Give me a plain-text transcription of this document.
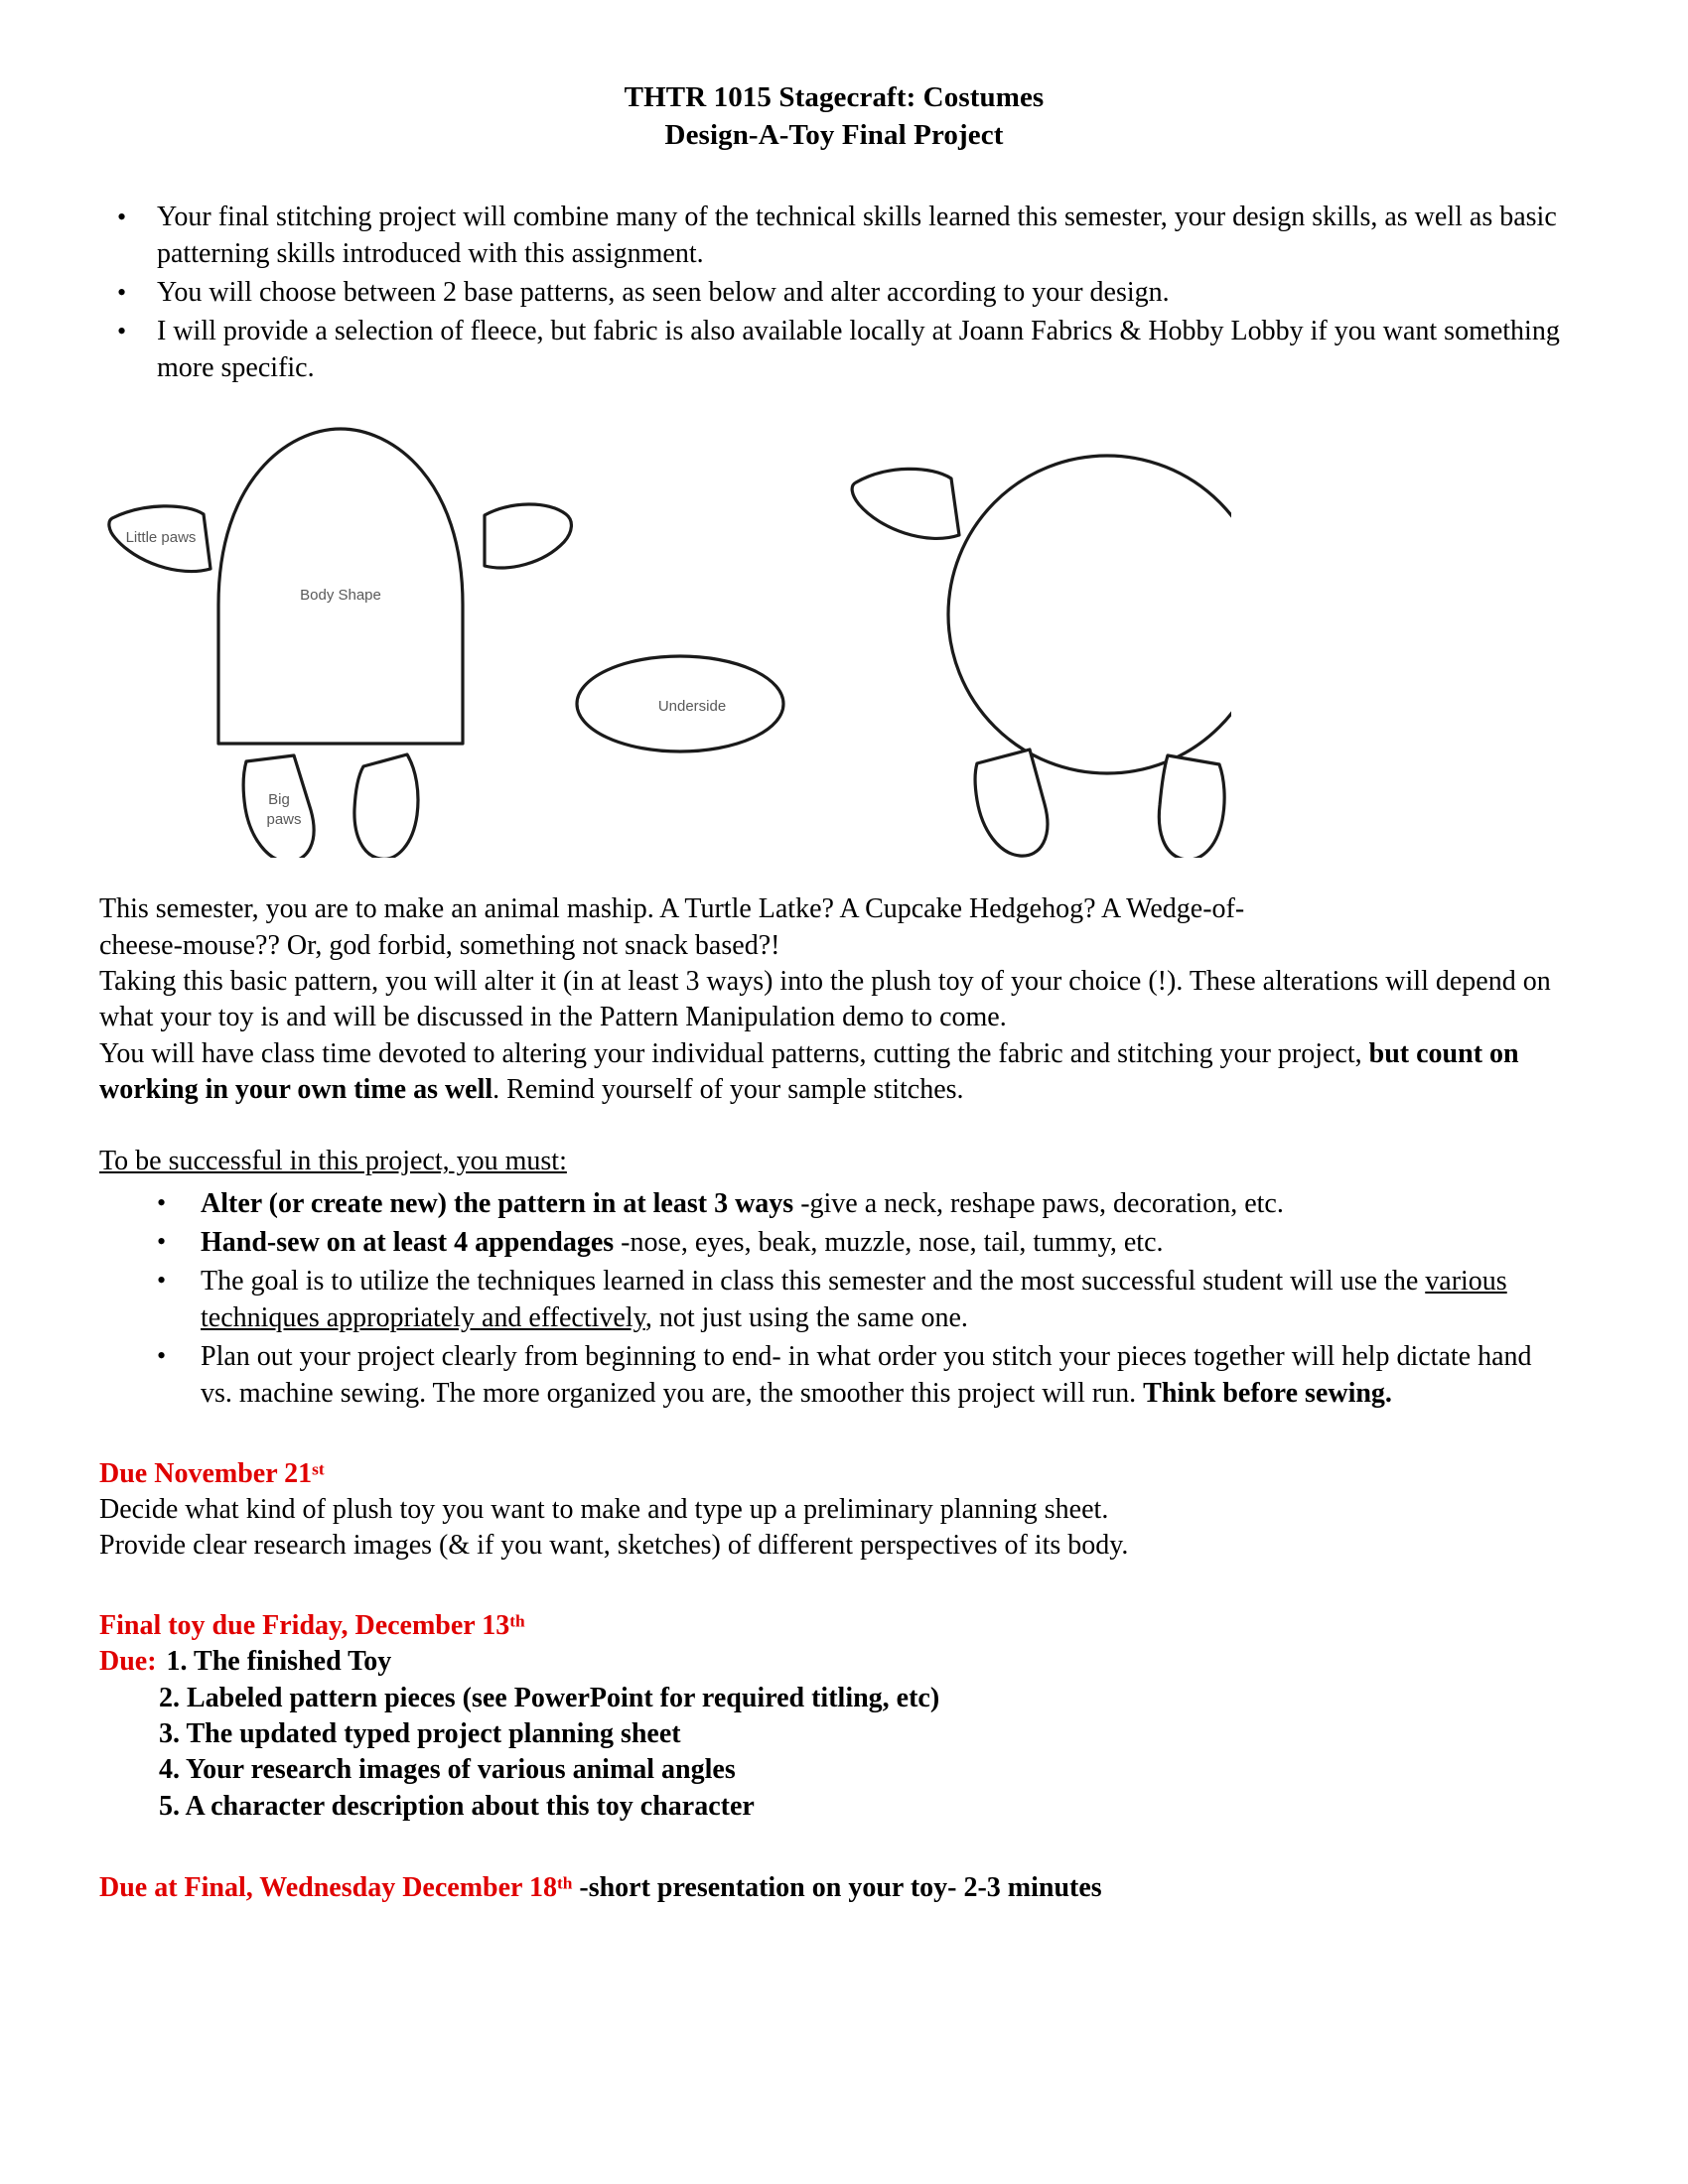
THTR 1015 Stagecraft: Costumes
Design-A-Toy Final Project
• Your final stitching project will combine many of the technical skills learned this semester, your design skills, as well as basic patterning skills introduced with this assignment.
• You will choose between 2 base patterns, as seen below and alter according to your design.
• I will provide a selection of fleece, but fabric is also available locally at Joann Fabrics & Hobby Lobby if you want something more specific.
Little paws
Body Shape
Underside
Big
paws

This semester, you are to make an animal maship. A Turtle Latke? A Cupcake Hedgehog? A Wedge-of-
cheese-mouse?? Or, god forbid, something not snack based?!

Taking this basic pattern, you will alter it (in at least 3 ways) into the plush toy of your choice (!). These alterations will depend on what your toy is and will be discussed in the Pattern Manipulation demo to come.

You will have class time devoted to altering your individual patterns, cutting the fabric and stitching your project, but count on working in your own time as well. Remind yourself of your sample stitches.

To be successful in this project, you must:
• Alter (or create new) the pattern in at least 3 ways -give a neck, reshape paws, decoration, etc.
• Hand-sew on at least 4 appendages -nose, eyes, beak, muzzle, nose, tail, tummy, etc.
• The goal is to utilize the techniques learned in class this semester and the most successful student will use the various techniques appropriately and effectively, not just using the same one.
• Plan out your project clearly from beginning to end- in what order you stitch your pieces together will help dictate hand vs. machine sewing. The more organized you are, the smoother this project will run. Think before sewing.
Due November 21st
Decide what kind of plush toy you want to make and type up a preliminary planning sheet.
Provide clear research images (& if you want, sketches) of different perspectives of its body.
Final toy due Friday, December 13th
Due: 1. The finished Toy
2. Labeled pattern pieces (see PowerPoint for required titling, etc)
3. The updated typed project planning sheet
4. Your research images of various animal angles
5. A character description about this toy character
Due at Final, Wednesday December 18th -short presentation on your toy- 2-3 minutes
